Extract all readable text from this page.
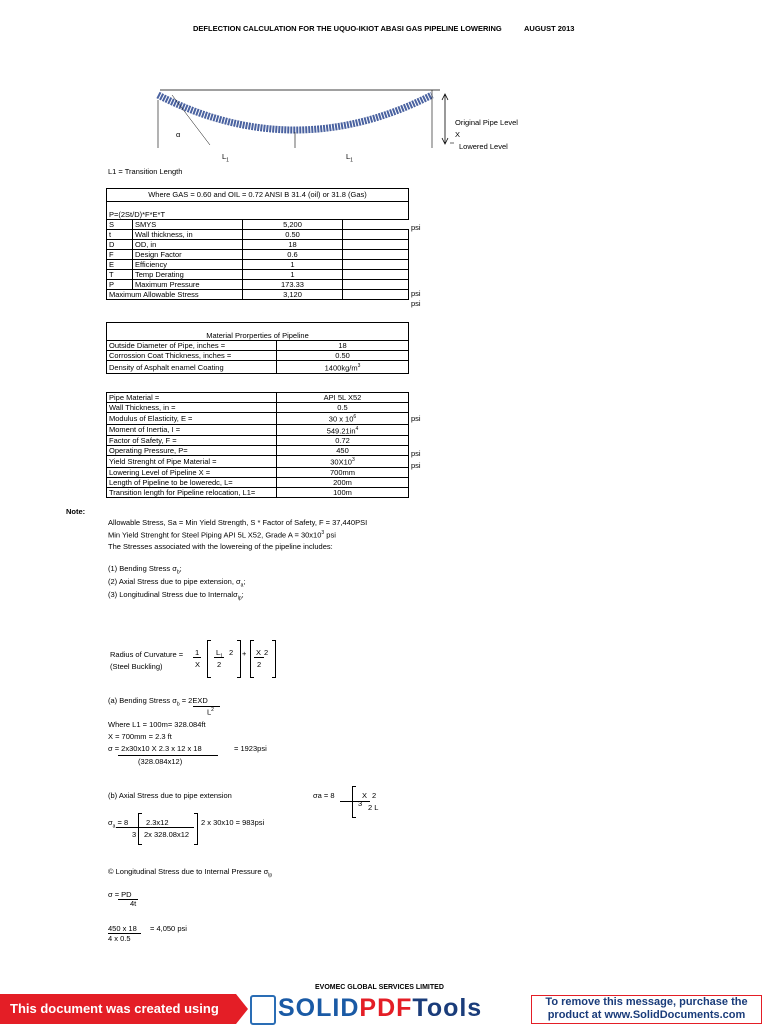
DEFLECTION CALCULATION FOR THE UQUO-IKIOT ABASI GAS PIPELINE LOWERING	AUGUST 2013
α
$L_1$	$L_1$
Original Pipe Level
X
Lowered Level
L1 = Transition Length
Where GAS = 0.60 and OIL = 0.72 ANSI B 31.4 (oil) or 31.8 (Gas)			

P=(2St/D)*F*E*T			
S	SMYS	5,200	
t	Wall thickness, in	0.50	
D	OD, in	18	
F	Design Factor	0.6	
E	Efficiency	1	
T	Temp Derating	1	
P	Maximum Pressure	173.33	
Maximum Allowable Stress		3,120	
psi
psi
psi

Material Prorperties of Pipeline	
Outside Diameter of Pipe, inches =	18
Corrossion Coat Thickness, inches =	0.50
Density of Asphalt enamel Coating	$1400kg/m^3$
Pipe Material =	API 5L X52
Wall Thickness, in =	0.5
Modulus of Elasticity, E =	30 x $10^6$
Moment of Inertia, I =	$549.21in^4$
Factor of Safety, F =	0.72
Operating Pressure, P=	450
Yield Strenght of Pipe Material =	$30X10^3$
Lowering Level of Pipeline X =	700mm
Length of Pipeline to be loweredc, L=	200m
Transition length for Pipeline relocation, L1=	100m
psi
psi
psi
Note:
Allowable Stress, Sa = Min Yield Strength, S * Factor of Safety, F = 37,440PSI
Min Yield Strenght for Steel Piping API 5L X52, Grade $A = 30x10^3$ psi
The Stresses associated with the lowereing of the pipeline includes:
(1) Bending Stress $\sigma_b$;
(2) Axial Stress due to pipe extension, $\sigma_a$;
(3) Longitudinal Stress due to Internalσ$_{lp}$;
Radius of Curvature =
(Steel Buckling)
1
X
$L_1$
2
2 + X
2
2
(a) Bending Stress $\sigma_b = 2EXD$
$L^2$
Where L1 = 100m= 328.084ft
X = 700mm = 2.3 ft
σ = 2x30x10 X 2.3 x 12 x 18	= 1923psi
(328.084x12)
(b) Axial Stress due to pipe extension	σa = 8	X 2
3 2 L
$\sigma_a = 8$
3
2.3x12
2x 328.08x12
2 x 30x10 = 983psi
© Longitudinal Stress due to Internal Pressure $\sigma_{lp}$
σ = PD
4t
450 x 18 = 4,050 psi
4 x 0.5
EVOMEC GLOBAL SERVICES LIMITED
This document was created using	SOLIDPDFTools	To remove this message, purchase the
product at www.SolidDocuments.com
